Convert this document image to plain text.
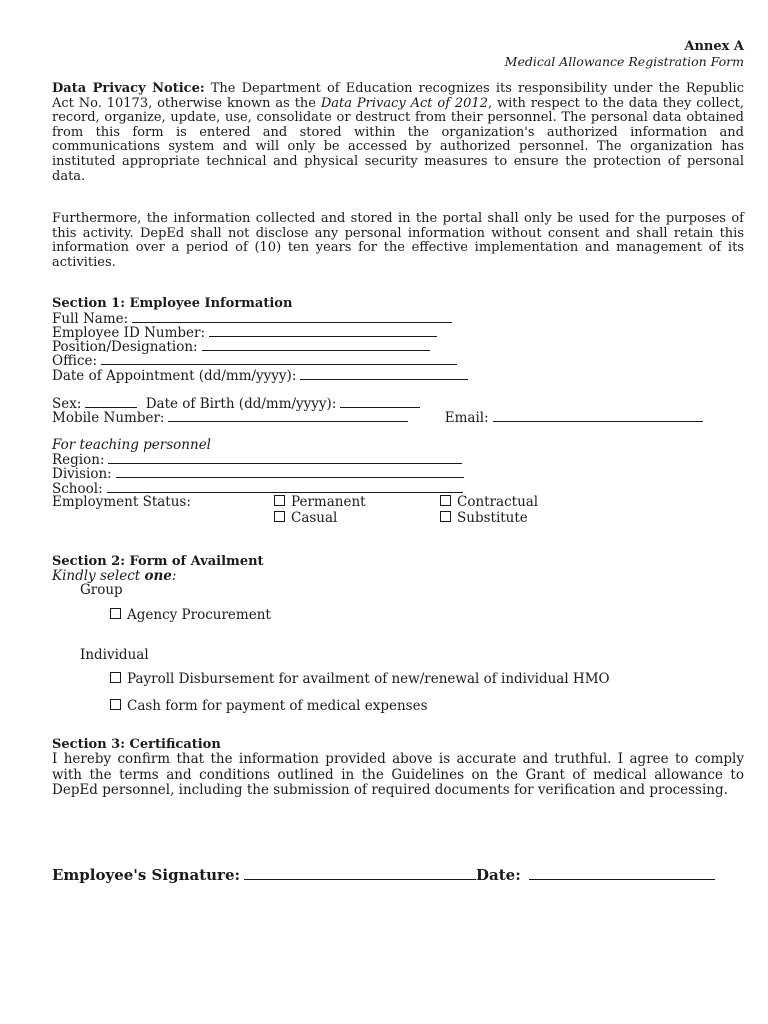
Annex A
Medical Allowance Registration Form
Data Privacy Notice: The Department of Education recognizes its responsibility under the Republic Act No. 10173, otherwise known as the Data Privacy Act of 2012, with respect to the data they collect, record, organize, update, use, consolidate or destruct from their personnel. The personal data obtained from this form is entered and stored within the organization's authorized information and communications system and will only be accessed by authorized personnel. The organization has instituted appropriate technical and physical security measures to ensure the protection of personal data.
Furthermore, the information collected and stored in the portal shall only be used for the purposes of this activity. DepEd shall not disclose any personal information without consent and shall retain this information over a period of (10) ten years for the effective implementation and management of its activities.
Section 1: Employee Information
Full Name:
Employee ID Number:
Position/Designation:
Office:
Date of Appointment (dd/mm/yyyy):
Sex:	Date of Birth (dd/mm/yyyy):
Mobile Number:	Email:
For teaching personnel
Region:
Division:
School:
Employment Status:	Permanent	Contractual
Casual	Substitute
Section 2: Form of Availment
Kindly select one:
Group
Agency Procurement
Individual
Payroll Disbursement for availment of new/renewal of individual HMO
Cash form for payment of medical expenses
Section 3: Certification
I hereby confirm that the information provided above is accurate and truthful. I agree to comply with the terms and conditions outlined in the Guidelines on the Grant of medical allowance to DepEd personnel, including the submission of required documents for verification and processing.
Employee's Signature:	Date:
